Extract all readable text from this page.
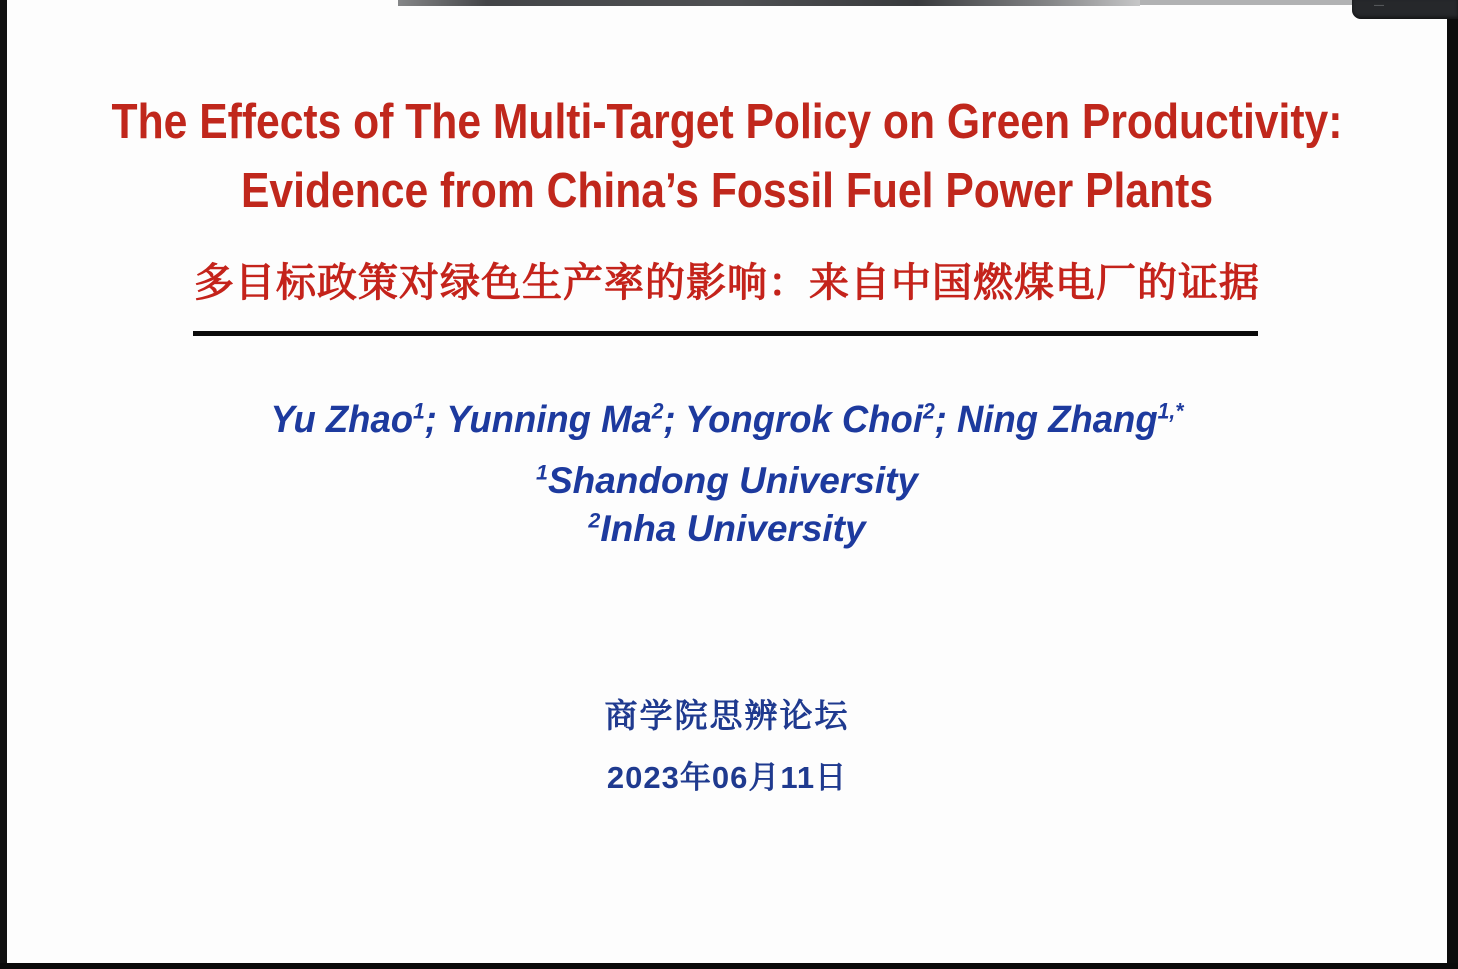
—
The Effects of The Multi-Target Policy on Green Productivity:
Evidence from China’s Fossil Fuel Power Plants
多目标政策对绿色生产率的影响：来自中国燃煤电厂的证据
Yu Zhao$^1$; Yunning Ma$^2$; Yongrok Choi$^2$; Ning Zhang$^{1,*}$
$^1$Shandong University
$^2$Inha University
商学院思辨论坛
2023年06月11日
